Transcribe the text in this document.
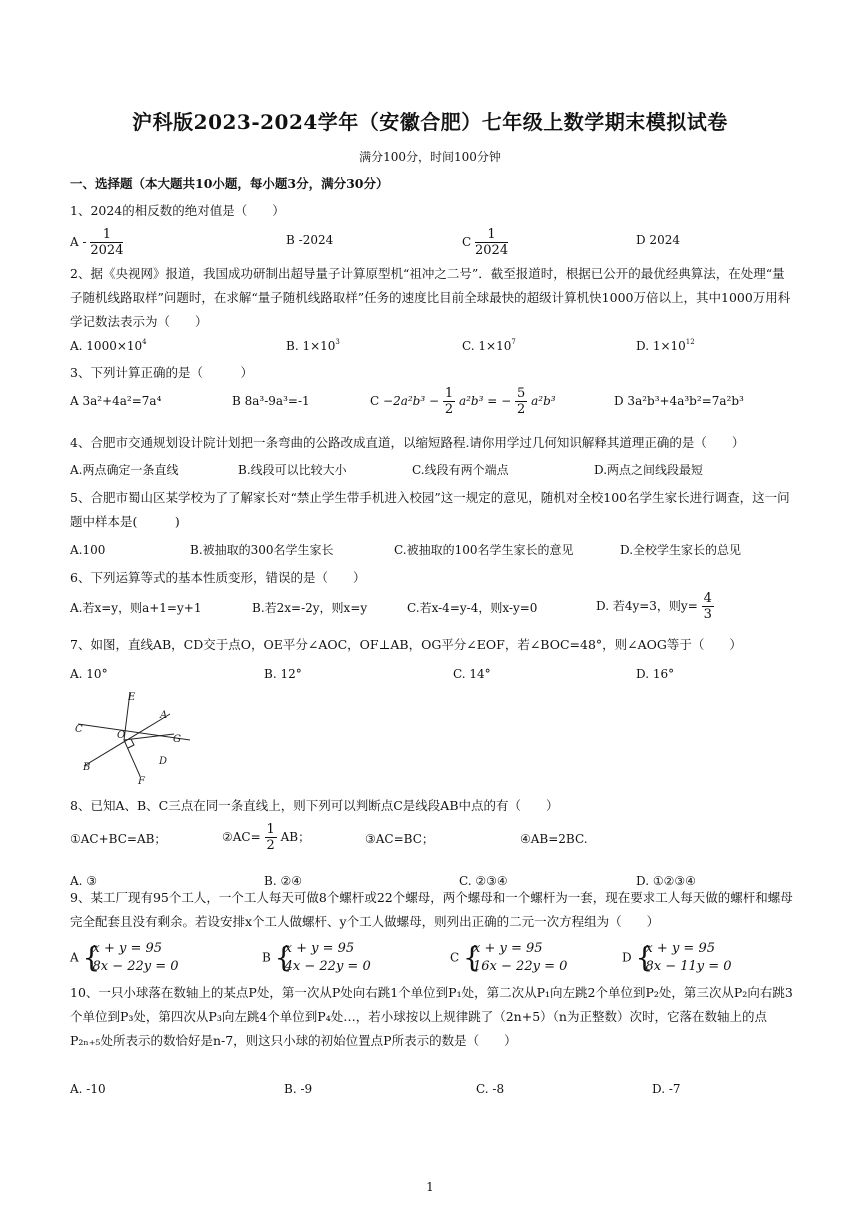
沪科版2023-2024学年（安徽合肥）七年级上数学期末模拟试卷
满分100分，时间100分钟
一、选择题（本大题共10小题，每小题3分，满分30分）
1、2024的相反数的绝对值是（　　）
A - $\frac{1}{2024}$	B -2024	C $\frac{1}{2024}$	D 2024
2、据《央视网》报道，我国成功研制出超导量子计算原型机“祖冲之二号”．截至报道时，根据已公开的最优经典算法，在处理“量子随机线路取样”问题时，在求解“量子随机线路取样”任务的速度比目前全球最快的超级计算机快1000万倍以上，其中1000万用科学记数法表示为（　　）
A. $1000\times 10^4$	B. $1\times 10^3$	C. $1\times 10^7$	D. $1\times 10^{12}$
3、下列计算正确的是（　　　）
A 3a²+4a²=7a⁴	B 8a³-9a³=-1	$C -2a^2b^3 - \frac{1}{2} a^2b^3$ = − $\frac{5}{2} a^2b^3$	D 3a²b³+4a³b²=7a²b³
4、合肥市交通规划设计院计划把一条弯曲的公路改成直道，以缩短路程.请你用学过几何知识解释其道理正确的是（　　）
A.两点确定一条直线	B.线段可以比较大小	C.线段有两个端点	D.两点之间线段最短
5、合肥市蜀山区某学校为了了解家长对“禁止学生带手机进入校园”这一规定的意见，随机对全校100名学生家长进行调查，这一问题中样本是(　　　)
A.100	B.被抽取的300名学生家长	C.被抽取的100名学生家长的意见	D.全校学生家长的总见
6、下列运算等式的基本性质变形，错误的是（　　）
A.若x=y，则a+1=y+1	B.若2x=-2y，则x=y	C.若x-4=y-4，则x-y=0	D. 若4y=3，则$y= \frac{4}{3}$
7、如图，直线AB，CD交于点O，OE平分∠AOC，OF⊥AB，OG平分∠EOF，若∠BOC=48°，则∠AOG等于（　　）
A. 10°	B. 12°	C. 14°	D. 16°
E
A
C
O	G
D
B
F
8、已知A、B、C三点在同一条直线上，则下列可以判断点C是线段AB中点的有（　　）
①AC+BC=AB；	②AC= $\frac{1}{2}$ AB；	③AC=BC；	④AB=2BC.
A. ③	B. ②④	C. ②③④	D. ①②③④
9、某工厂现有95个工人，一个工人每天可做8个螺杆或22个螺母，两个螺母和一个螺杆为一套，现在要求工人每天做的螺杆和螺母完全配套且没有剩余。若设安排x个工人做螺杆、y个工人做螺母，则列出正确的二元一次方程组为（　　）
A {
x + y = 95
8x − 22y = 0
B {
x + y = 95
4x − 22y = 0
C {
x + y = 95
16x − 22y = 0
D {
x + y = 95
8x − 11y = 0
10、一只小球落在数轴上的某点P处，第一次从P处向右跳1个单位到P₁处，第二次从P₁向左跳2个单位到P₂处，第三次从P₂向右跳3个单位到P₃处，第四次从P₃向左跳4个单位到P₄处…，若小球按以上规律跳了（2n+5）（n为正整数）次时，它落在数轴上的点P₂ₙ₊₅处所表示的数恰好是n-7，则这只小球的初始位置点P所表示的数是（　　）
A. -10	B. -9	C. -8	D. -7
1
